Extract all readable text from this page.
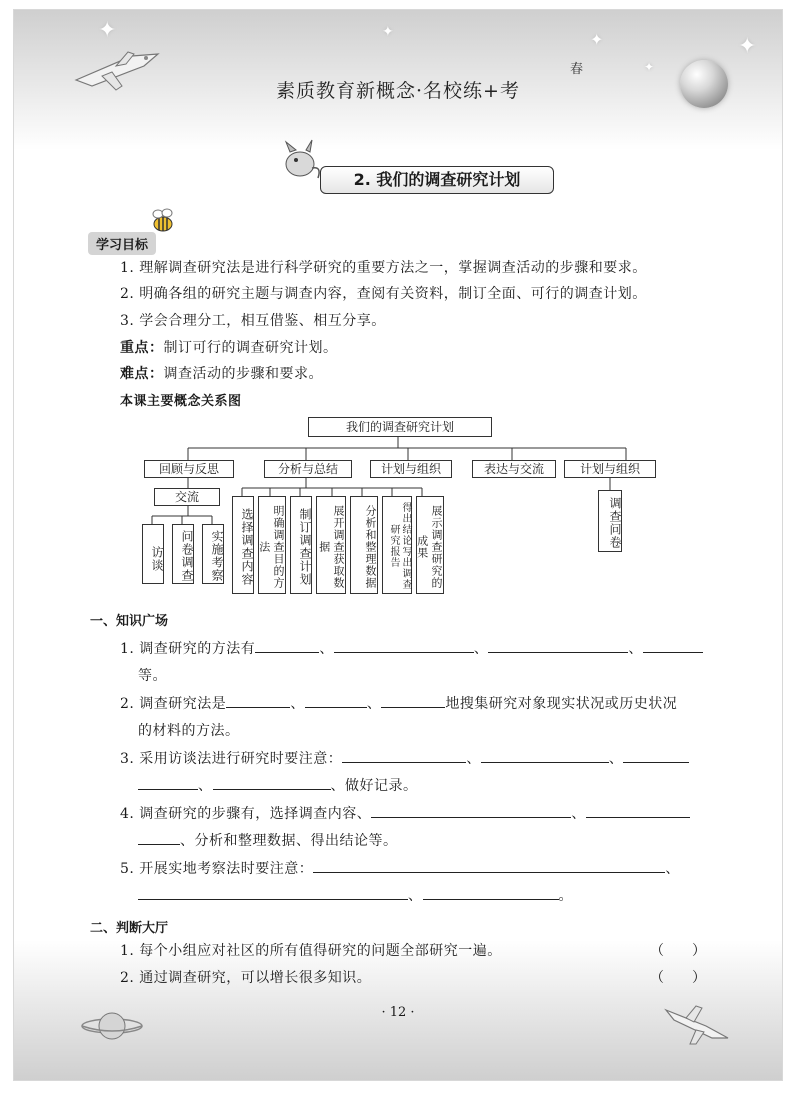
✦	✦	✦	✦
✦
素质教育新概念·名校练+考
春
2. 我们的调查研究计划
学习目标
1. 理解调查研究法是进行科学研究的重要方法之一，掌握调查活动的步骤和要求。
2. 明确各组的研究主题与调查内容，查阅有关资料，制订全面、可行的调查计划。
3. 学会合理分工，相互借鉴、相互分享。
重点：制订可行的调查研究计划。
难点：调查活动的步骤和要求。
本课主要概念关系图
我们的调查研究计划
回顾与反思	分析与总结	计划与组织	表达与交流	计划与组织
交流
访谈	问卷调查	实施考察	选择调查内容	明确调查目的方法	制订调查计划	展开调查获取数据	分析和整理数据	得出结论写出调查研究报告	展示调查研究的成果	调查问卷
一、知识广场
1. 调查研究的方法有	、	、	、
等。
2. 调查研究法是	、	、	地搜集研究对象现实状况或历史状况
的材料的方法。
3. 采用访谈法进行研究时要注意：	、	、
、	、做好记录。
4. 调查研究的步骤有，选择调查内容、	、
、分析和整理数据、得出结论等。
5. 开展实地考察法时要注意：	、
、	。
二、判断大厅
1. 每个小组应对社区的所有值得研究的问题全部研究一遍。	（　　）
2. 通过调查研究，可以增长很多知识。	（　　）
· 12 ·
